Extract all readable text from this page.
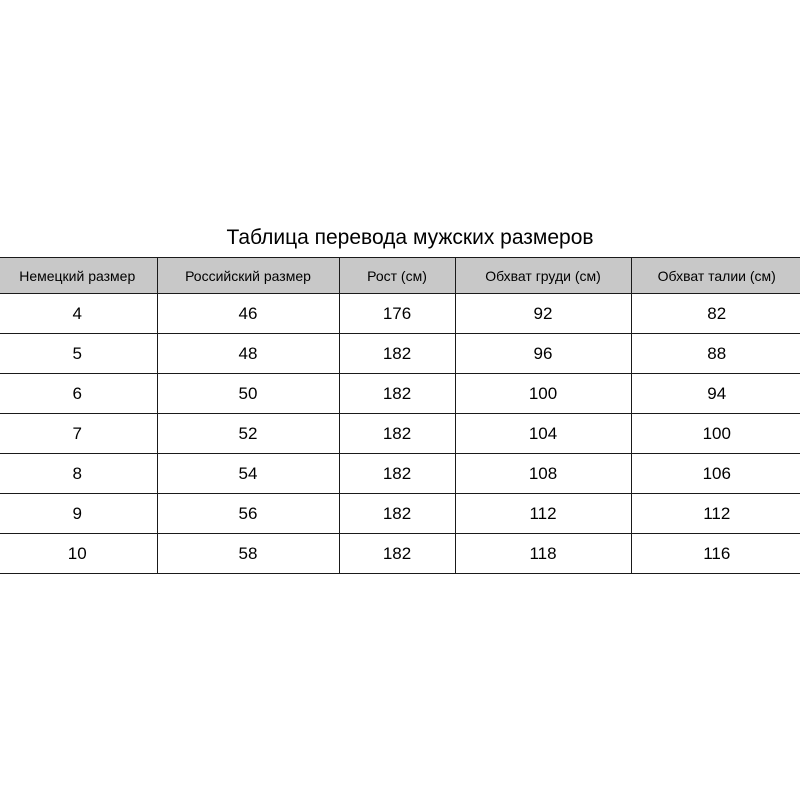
Таблица перевода мужских размеров
Немецкий размер	Российский размер	Рост (см)	Обхват груди (см)	Обхват талии (см)
4	46	176	92	82
5	48	182	96	88
6	50	182	100	94
7	52	182	104	100
8	54	182	108	106
9	56	182	112	112
10	58	182	118	116
